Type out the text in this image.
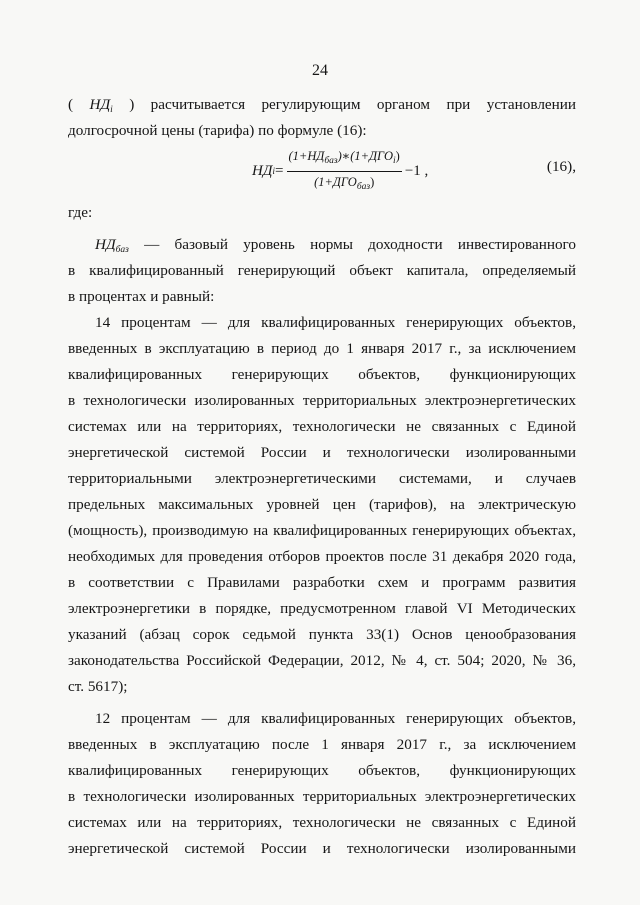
24
( $НД_i$ ) расчитывается регулирующим органом при установлении
долгосрочной цены (тарифа) по формуле (16):
НД $i = \frac{(1+НД_{баз})∗(1+ДГО_i)}{(1+ДГО_{баз})} -1$ ,	(16),
где:
$НД_{баз}$ — базовый уровень нормы доходности инвестированного
в квалифицированный генерирующий объект капитала, определяемый
в процентах и равный:
14 процентам — для квалифицированных генерирующих объектов,
введенных в эксплуатацию в период до 1 января 2017 г., за исключением
квалифицированных генерирующих объектов, функционирующих
в технологически изолированных территориальных электроэнергетических
системах или на территориях, технологически не связанных с Единой
энергетической системой России и технологически изолированными
территориальными электроэнергетическими системами, и случаев
предельных максимальных уровней цен (тарифов), на электрическую
(мощность), производимую на квалифицированных генерирующих объектах,
необходимых для проведения отборов проектов после 31 декабря 2020 года,
в соответствии с Правилами разработки схем и программ развития
электроэнергетики в порядке, предусмотренном главой VI Методических
указаний (абзац сорок седьмой пункта 33(1) Основ ценообразования
законодательства Российской Федерации, 2012, № 4, ст. 504; 2020, № 36,
ст. 5617);
12 процентам — для квалифицированных генерирующих объектов,
введенных в эксплуатацию после 1 января 2017 г., за исключением
квалифицированных генерирующих объектов, функционирующих
в технологически изолированных территориальных электроэнергетических
системах или на территориях, технологически не связанных с Единой
энергетической системой России и технологически изолированными
